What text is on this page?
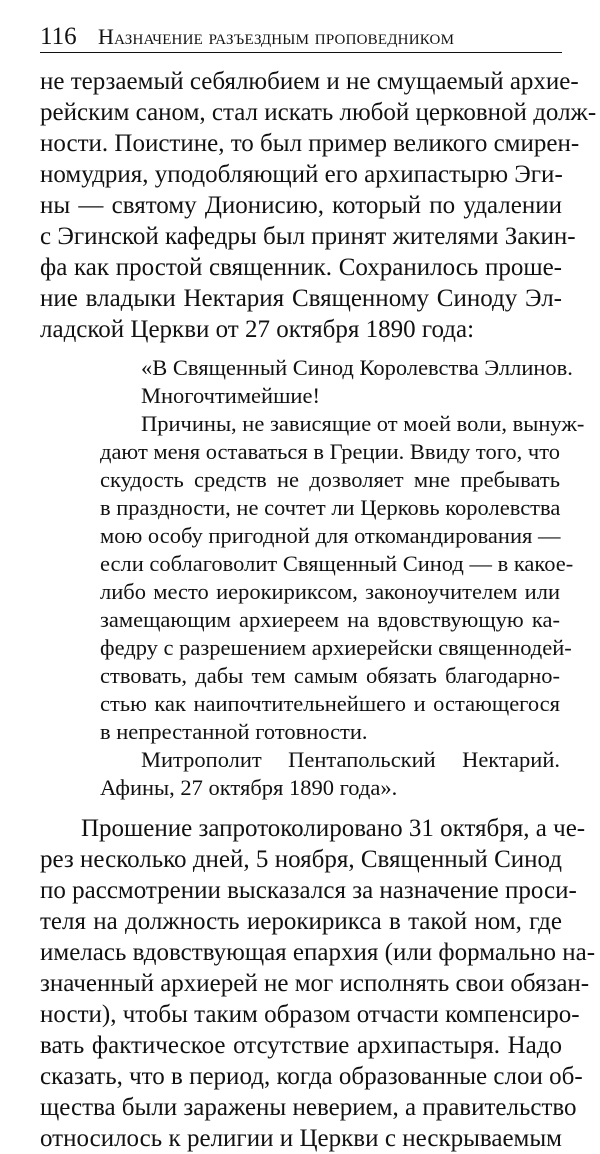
116 Назначение разъездным проповедником
не терзаемый себялюбием и не смущаемый архие-
рейским саном, стал искать любой церковной долж-
ности. Поистине, то был пример великого смирен-
номудрия, уподобляющий его архипастырю Эги-
ны — святому Дионисию, который по удалении
с Эгинской кафедры был принят жителями Закин-
фа как простой священник. Сохранилось проше-
ние владыки Нектария Священному Синоду Эл-
ладской Церкви от 27 октября 1890 года:
«В Священный Синод Королевства Эллинов.
Многочтимейшие!
Причины, не зависящие от моей воли, вынуж-
дают меня оставаться в Греции. Ввиду того, что
скудость средств не дозволяет мне пребывать
в праздности, не сочтет ли Церковь королевства
мою особу пригодной для откомандирования —
если соблаговолит Священный Синод — в какое-
либо место иерокириксом, законоучителем или
замещающим архиереем на вдовствующую ка-
федру с разрешением архиерейски священнодей-
ствовать, дабы тем самым обязать благодарно-
стью как наипочтительнейшего и остающегося
в непрестанной готовности.
Митрополит Пентапольский Нектарий.
Афины, 27 октября 1890 года».
Прошение запротоколировано 31 октября, а че-
рез несколько дней, 5 ноября, Священный Синод
по рассмотрении высказался за назначение проси-
теля на должность иерокирикса в такой ном, где
имелась вдовствующая епархия (или формально на-
значенный архиерей не мог исполнять свои обязан-
ности), чтобы таким образом отчасти компенсиро-
вать фактическое отсутствие архипастыря. Надо
сказать, что в период, когда образованные слои об-
щества были заражены неверием, а правительство
относилось к религии и Церкви с нескрываемым
